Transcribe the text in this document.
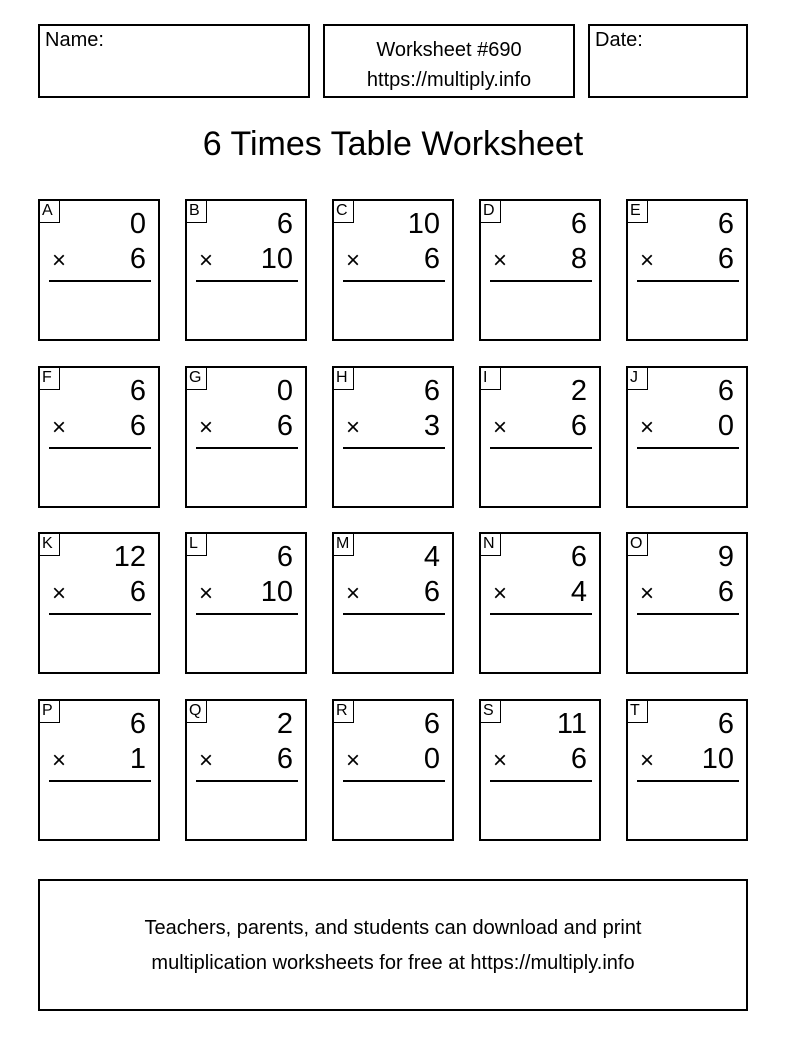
Name:	Worksheet #690
https://multiply.info
Date:
6 Times Table Worksheet
A	0
× 6
B	6
× 10
C 10
× 6
D	6
× 8
E	6
× 6
F	6
× 6
G	0
× 6
H	6
× 3
I	2
× 6
J	6
× 0
K 12
× 6
L	6
× 10
M	4
× 6
N	6
× 4
O	9
× 6
P	6
× 1
Q	2
× 6
R	6
× 0
S 11
× 6
T	6
× 10
Teachers, parents, and students can download and print
multiplication worksheets for free at https://multiply.info
